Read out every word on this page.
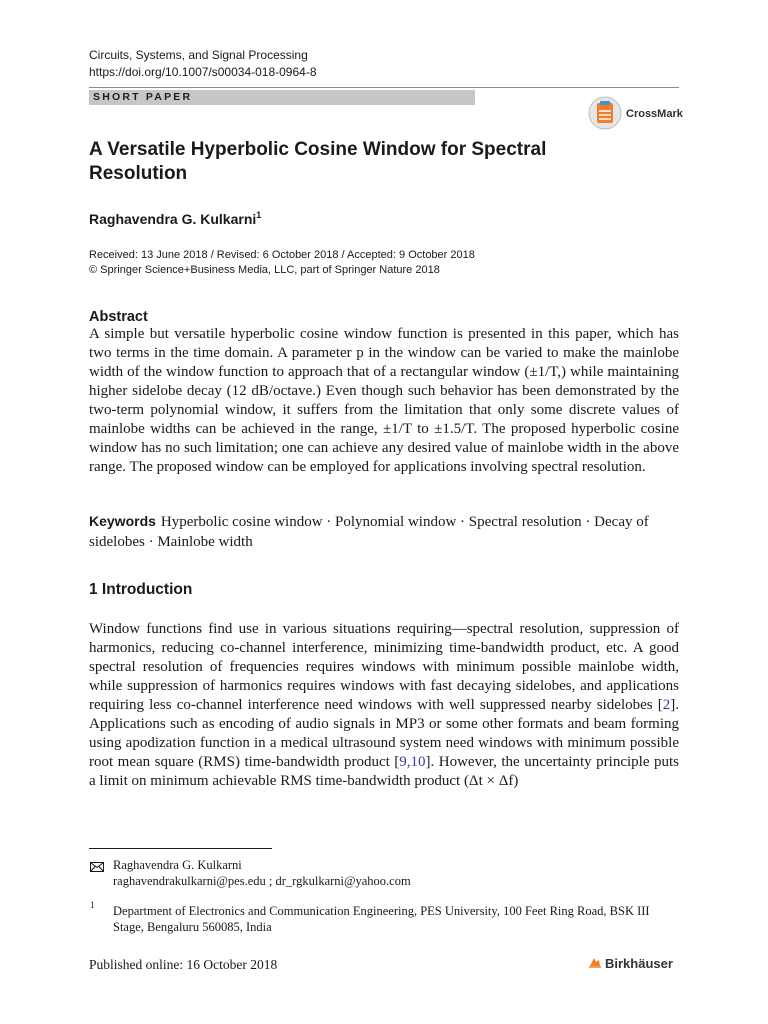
Circuits, Systems, and Signal Processing
https://doi.org/10.1007/s00034-018-0964-8
SHORT PAPER
CrossMark
A Versatile Hyperbolic Cosine Window for Spectral Resolution
Raghavendra G. Kulkarni$^1$
Received: 13 June 2018 / Revised: 6 October 2018 / Accepted: 9 October 2018
© Springer Science+Business Media, LLC, part of Springer Nature 2018
Abstract
A simple but versatile hyperbolic cosine window function is presented in this paper, which has two terms in the time domain. A parameter p in the window can be varied to make the mainlobe width of the window function to approach that of a rectangular window (±1/T,) while maintaining higher sidelobe decay (12 dB/octave.) Even though such behavior has been demonstrated by the two-term polynomial window, it suffers from the limitation that only some discrete values of mainlobe widths can be achieved in the range, ±1/T to ±1.5/T. The proposed hyperbolic cosine window has no such limitation; one can achieve any desired value of mainlobe width in the above range. The proposed window can be employed for applications involving spectral resolution.
Keywords Hyperbolic cosine window · Polynomial window · Spectral resolution · Decay of sidelobes · Mainlobe width
1 Introduction
Window functions find use in various situations requiring—spectral resolution, suppression of harmonics, reducing co-channel interference, minimizing time-bandwidth product, etc. A good spectral resolution of frequencies requires windows with minimum possible mainlobe width, while suppression of harmonics requires windows with fast decaying sidelobes, and applications requiring less co-channel interference need windows with well suppressed nearby sidelobes [2]. Applications such as encoding of audio signals in MP3 or some other formats and beam forming using apodization function in a medical ultrasound system need windows with minimum possible root mean square (RMS) time-bandwidth product [9,10]. However, the uncertainty principle puts a limit on minimum achievable RMS time-bandwidth product (Δt × Δf)
Raghavendra G. Kulkarni
raghavendrakulkarni@pes.edu ; dr_rgkulkarni@yahoo.com
1 Department of Electronics and Communication Engineering, PES University, 100 Feet Ring Road, BSK III Stage, Bengaluru 560085, India
Published online: 16 October 2018	Birkhäuser
